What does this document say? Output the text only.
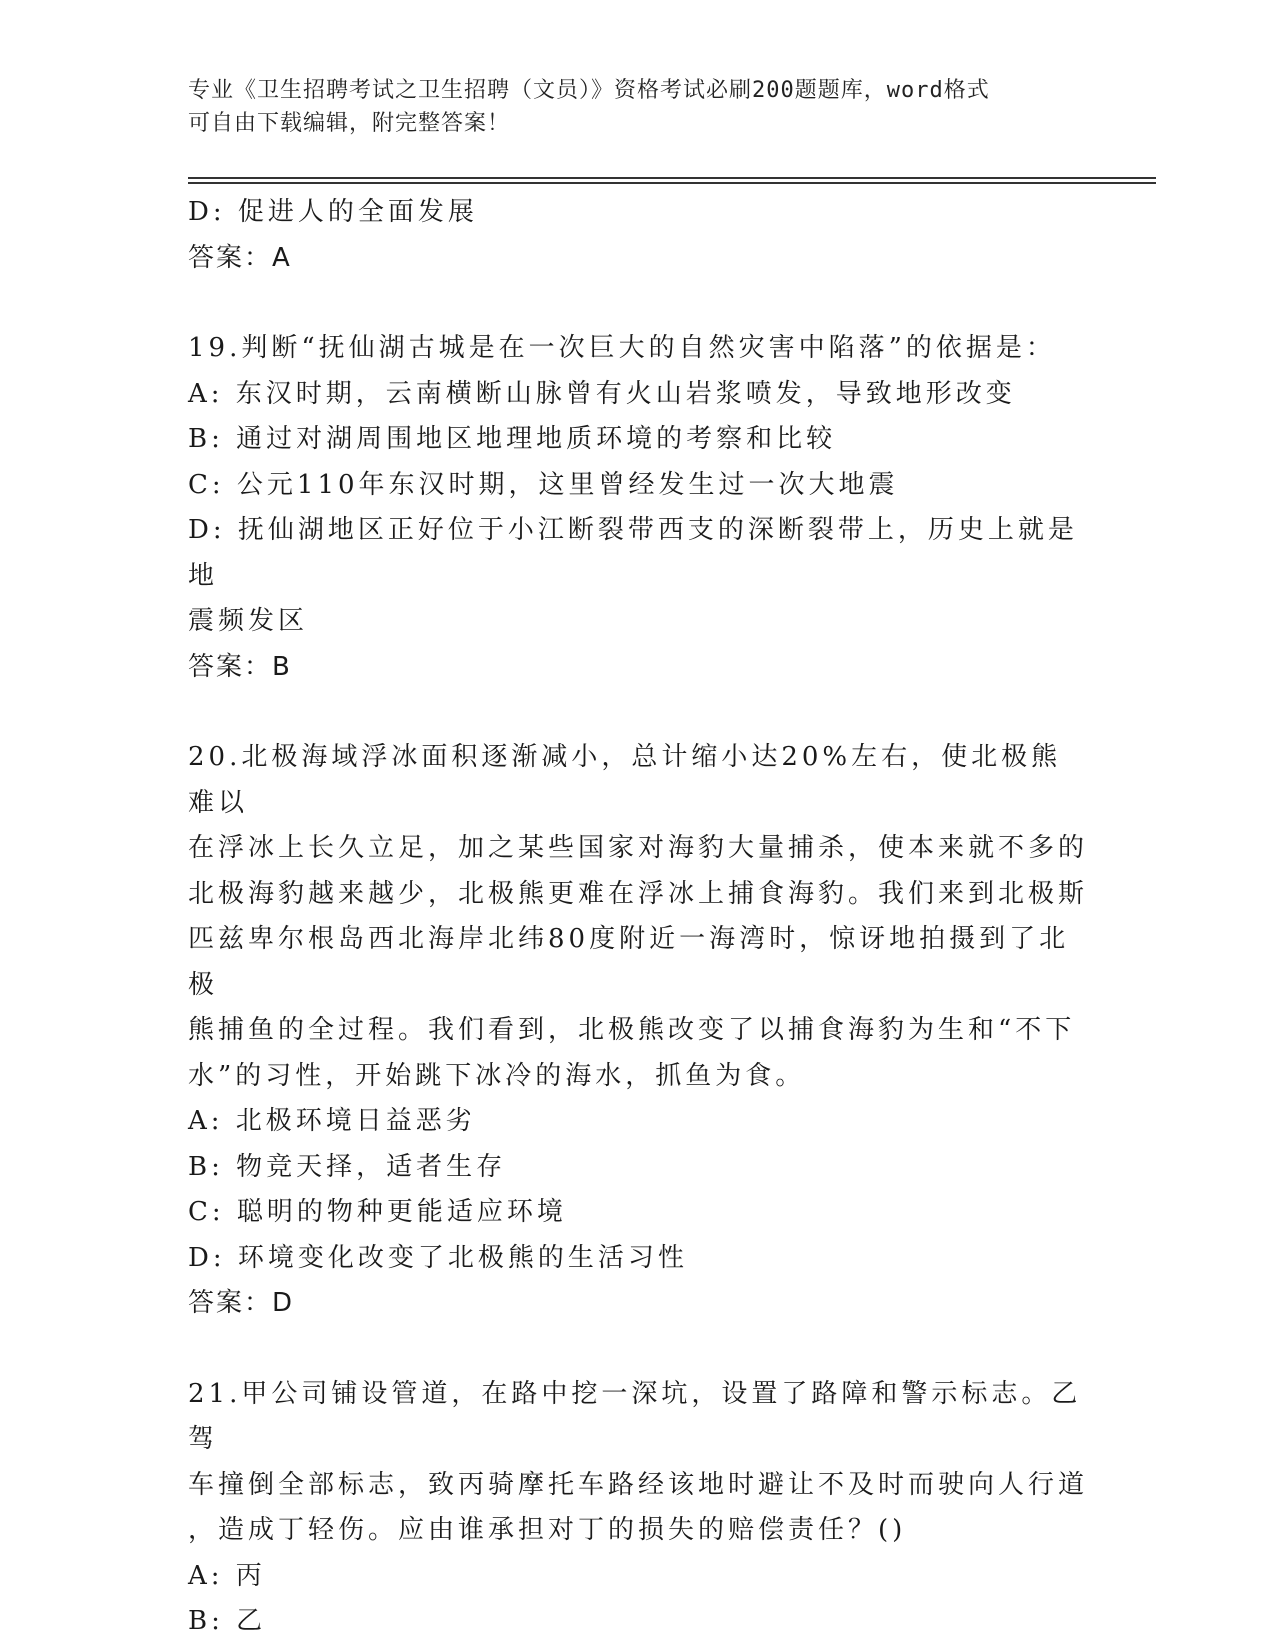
专业《卫生招聘考试之卫生招聘（文员）》资格考试必刷200题题库，word格式
可自由下载编辑，附完整答案！
D: 促进人的全面发展
答案：A
19.判断“抚仙湖古城是在一次巨大的自然灾害中陷落”的依据是：
A: 东汉时期，云南横断山脉曾有火山岩浆喷发，导致地形改变
B: 通过对湖周围地区地理地质环境的考察和比较
C: 公元110年东汉时期，这里曾经发生过一次大地震
D: 抚仙湖地区正好位于小江断裂带西支的深断裂带上，历史上就是地
震频发区
答案：B
20.北极海域浮冰面积逐渐减小，总计缩小达20%左右，使北极熊难以
在浮冰上长久立足，加之某些国家对海豹大量捕杀，使本来就不多的
北极海豹越来越少，北极熊更难在浮冰上捕食海豹。我们来到北极斯
匹兹卑尔根岛西北海岸北纬80度附近一海湾时，惊讶地拍摄到了北极
熊捕鱼的全过程。我们看到，北极熊改变了以捕食海豹为生和“不下
水”的习性，开始跳下冰冷的海水，抓鱼为食。
A: 北极环境日益恶劣
B: 物竞天择，适者生存
C: 聪明的物种更能适应环境
D: 环境变化改变了北极熊的生活习性
答案：D
21.甲公司铺设管道，在路中挖一深坑，设置了路障和警示标志。乙驾
车撞倒全部标志，致丙骑摩托车路经该地时避让不及时而驶向人行道
，造成丁轻伤。应由谁承担对丁的损失的赔偿责任？()
A: 丙
B: 乙
